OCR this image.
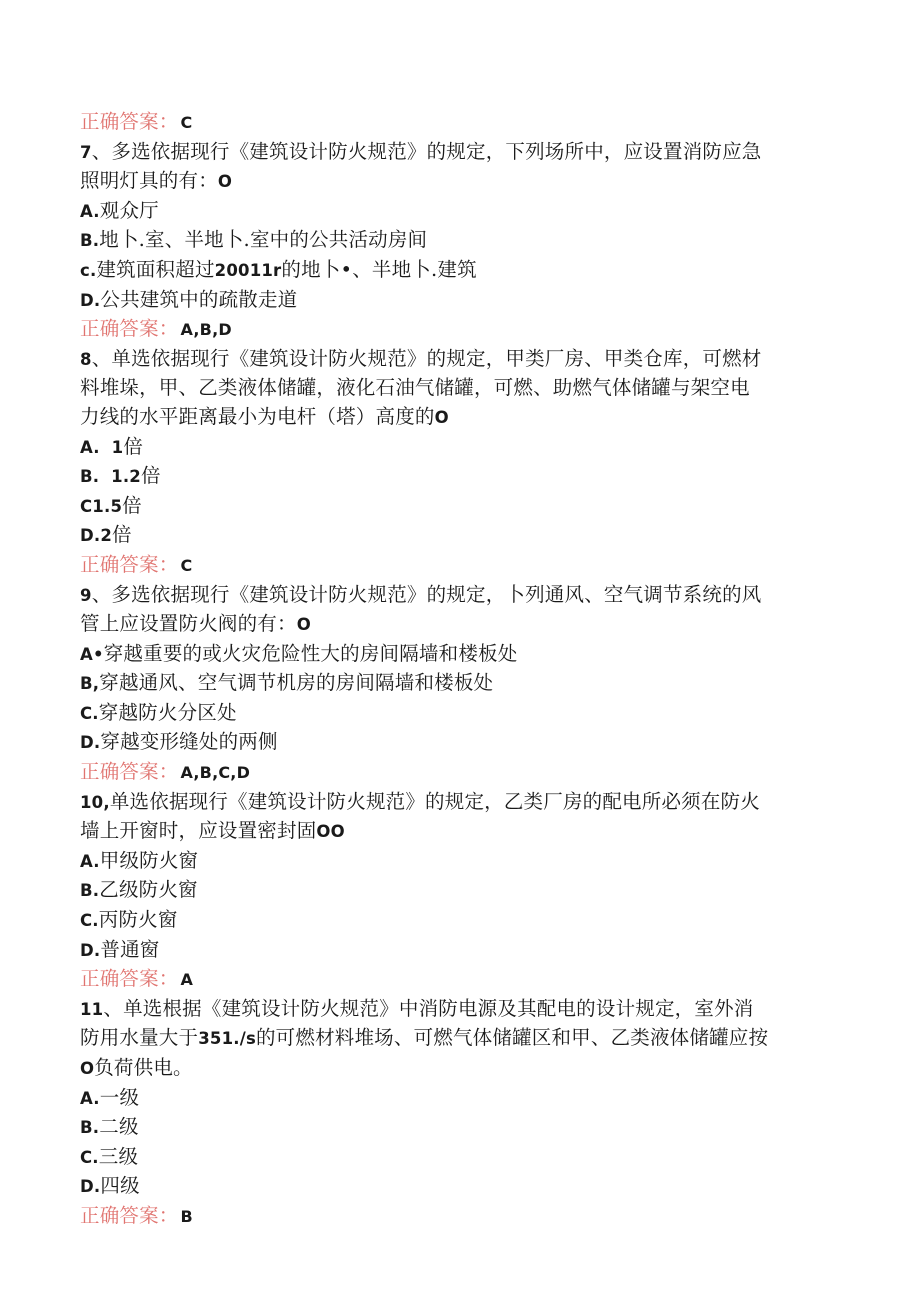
正确答案： C
7、多选依据现行《建筑设计防火规范》的规定，下列场所中，应设置消防应急
照明灯具的有：O
A.观众厅
B.地卜.室、半地卜.室中的公共活动房间
c.建筑面积超过20011r的地卜•、半地卜.建筑
D.公共建筑中的疏散走道
正确答案： A,B,D
8、单选依据现行《建筑设计防火规范》的规定，甲类厂房、甲类仓库，可燃材
料堆垛，甲、乙类液体储罐，液化石油气储罐，可燃、助燃气体储罐与架空电
力线的水平距离最小为电杆（塔）高度的O
A.  1倍
B.  1.2倍
C1.5倍
D.2倍
正确答案： C
9、多选依据现行《建筑设计防火规范》的规定，卜列通风、空气调节系统的风
管上应设置防火阀的有：O
A•穿越重要的或火灾危险性大的房间隔墙和楼板处
B,穿越通风、空气调节机房的房间隔墙和楼板处
C.穿越防火分区处
D.穿越变形缝处的两侧
正确答案： A,B,C,D
10,单选依据现行《建筑设计防火规范》的规定，乙类厂房的配电所必须在防火
墙上开窗时，应设置密封固OO
A.甲级防火窗
B.乙级防火窗
C.丙防火窗
D.普通窗
正确答案： A
11、单选根据《建筑设计防火规范》中消防电源及其配电的设计规定，室外消
防用水量大于351./s的可燃材料堆场、可燃气体储罐区和甲、乙类液体储罐应按
O负荷供电。
A.一级
B.二级
C.三级
D.四级
正确答案： B
